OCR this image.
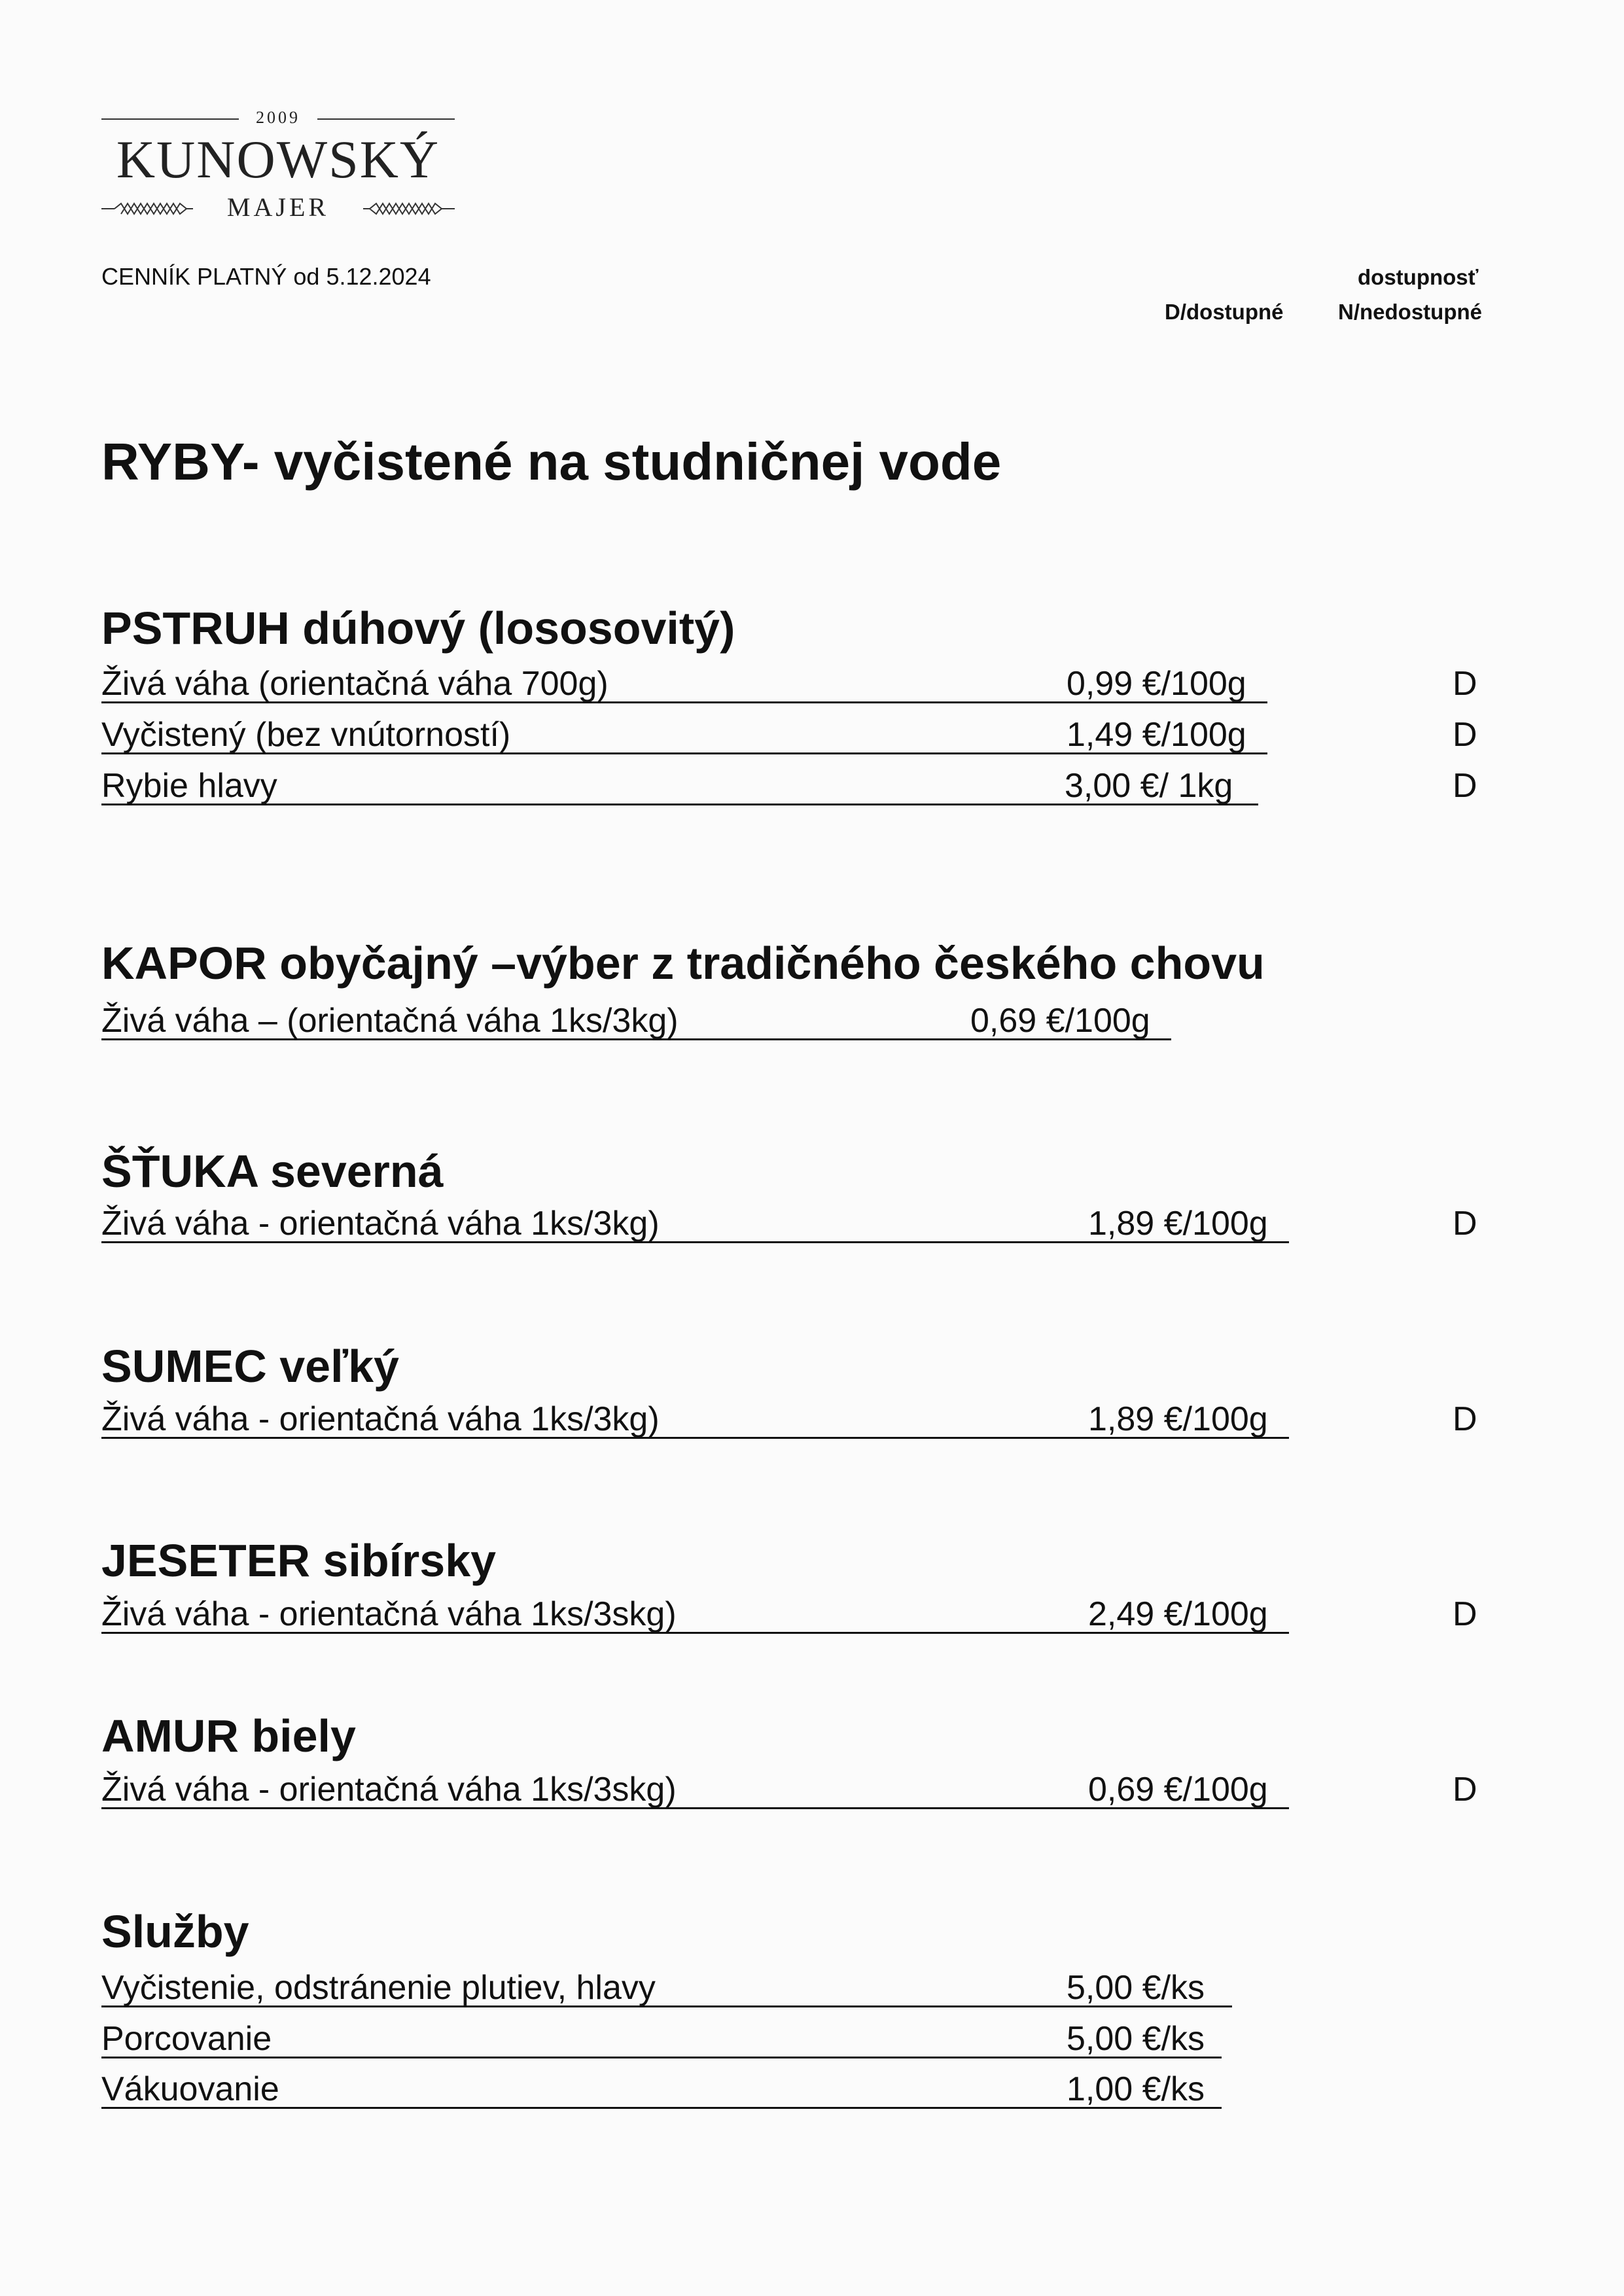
2009
KUNOWSKÝ
MAJER
CENNÍK PLATNÝ od 5.12.2024	dostupnosť
D/dostupné	N/nedostupné
RYBY- vyčistené na studničnej vode
PSTRUH dúhový (lososovitý)
Živá váha (orientačná váha 700g)	0,99 €/100g	D
Vyčistený (bez vnútorností)	1,49 €/100g	D
Rybie hlavy	3,00 €/ 1kg	D
KAPOR obyčajný –výber z tradičného českého chovu
Živá váha – (orientačná váha 1ks/3kg)	0,69 €/100g
ŠŤUKA severná
Živá váha - orientačná váha 1ks/3kg)	1,89 €/100g	D
SUMEC veľký
Živá váha - orientačná váha 1ks/3kg)	1,89 €/100g	D
JESETER sibírsky
Živá váha - orientačná váha 1ks/3skg)	2,49 €/100g	D
AMUR biely
Živá váha - orientačná váha 1ks/3skg)	0,69 €/100g	D
Služby
Vyčistenie, odstránenie plutiev, hlavy	5,00 €/ks
Porcovanie	5,00 €/ks
Vákuovanie	1,00 €/ks
